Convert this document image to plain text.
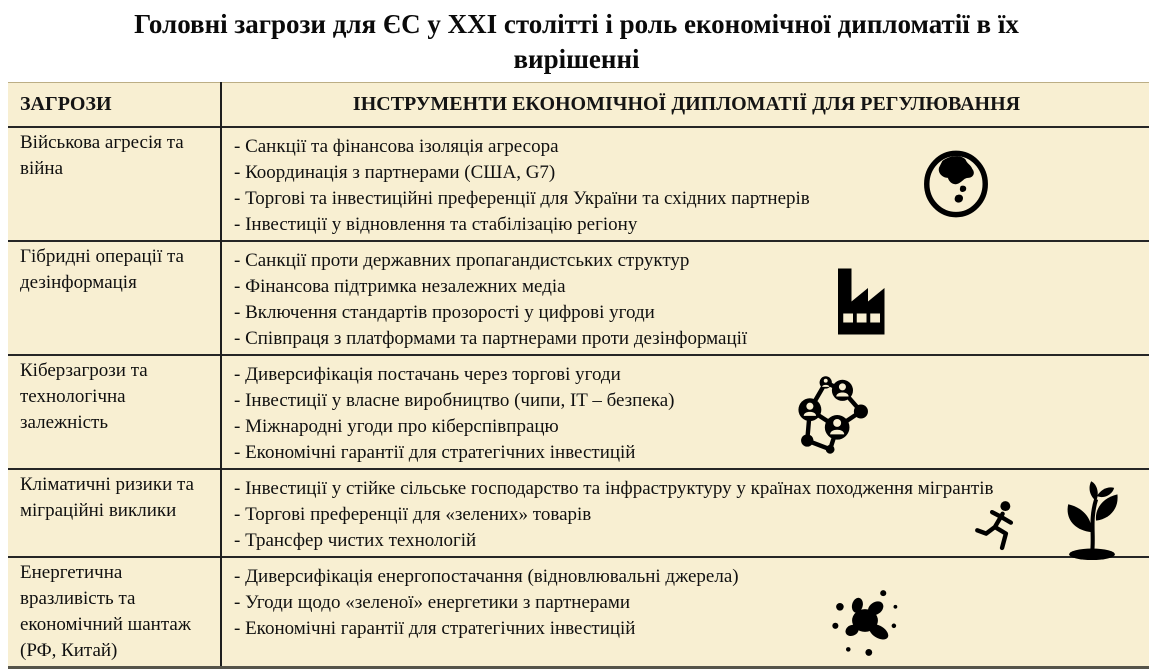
Головні загрози для ЄС у XXI столітті і роль економічної дипломатії в їх
вирішенні
ЗАГРОЗИ	ІНСТРУМЕНТИ ЕКОНОМІЧНОЇ ДИПЛОМАТІЇ ДЛЯ РЕГУЛЮВАННЯ

Військова агресія та війна	- Санкції та фінансова ізоляція агресора
- Координація з партнерами (США, G7)
- Торгові та інвестиційні преференції для України та східних партнерів
- Інвестиції у відновлення та стабілізацію регіону

Гібридні операції та дезінформація	- Санкції проти державних пропагандистських структур
- Фінансова підтримка незалежних медіа
- Включення стандартів прозорості у цифрові угоди
- Співпраця з платформами та партнерами проти дезінформації

Кіберзагрози та технологічна залежність	- Диверсифікація постачань через торгові угоди
- Інвестиції у власне виробництво (чипи, IT – безпека)
- Міжнародні угоди про кіберспівпрацю
- Економічні гарантії для стратегічних інвестицій

Кліматичні ризики та міграційні виклики	- Інвестиції у стійке сільське господарство та інфраструктуру у країнах походження мігрантів
- Торгові преференції для «зелених» товарів
- Трансфер чистих технологій

Енергетична вразливість та економічний шантаж (РФ, Китай)	- Диверсифікація енергопостачання (відновлювальні джерела)
- Угоди щодо «зеленої» енергетики з партнерами
- Економічні гарантії для стратегічних інвестицій
